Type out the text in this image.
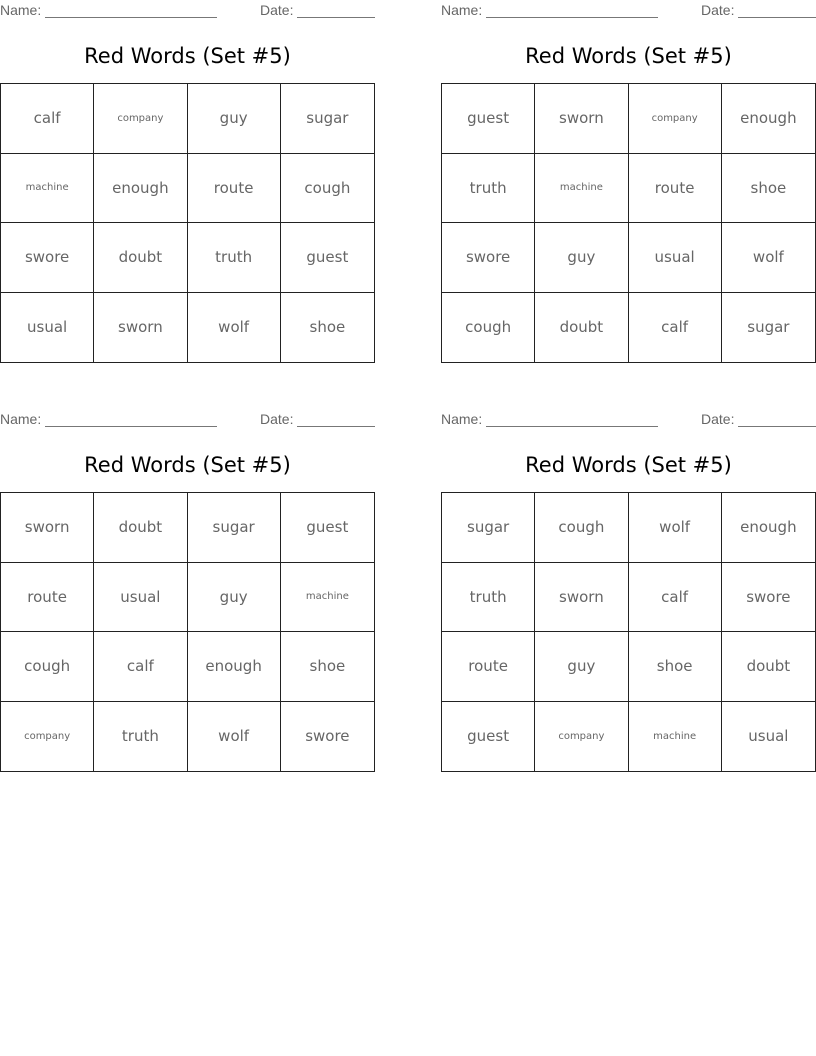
Name:	Date:
Red Words (Set #5)
calf	company	guy	sugar
machine	enough	route	cough
swore	doubt	truth	guest
usual	sworn	wolf	shoe
Name:	Date:
Red Words (Set #5)
guest	sworn	company	enough
truth	machine	route	shoe
swore	guy	usual	wolf
cough	doubt	calf	sugar
Name:	Date:
Red Words (Set #5)
sworn	doubt	sugar	guest
route	usual	guy	machine
cough	calf	enough	shoe
company	truth	wolf	swore
Name:	Date:
Red Words (Set #5)
sugar	cough	wolf	enough
truth	sworn	calf	swore
route	guy	shoe	doubt
guest	company	machine	usual
